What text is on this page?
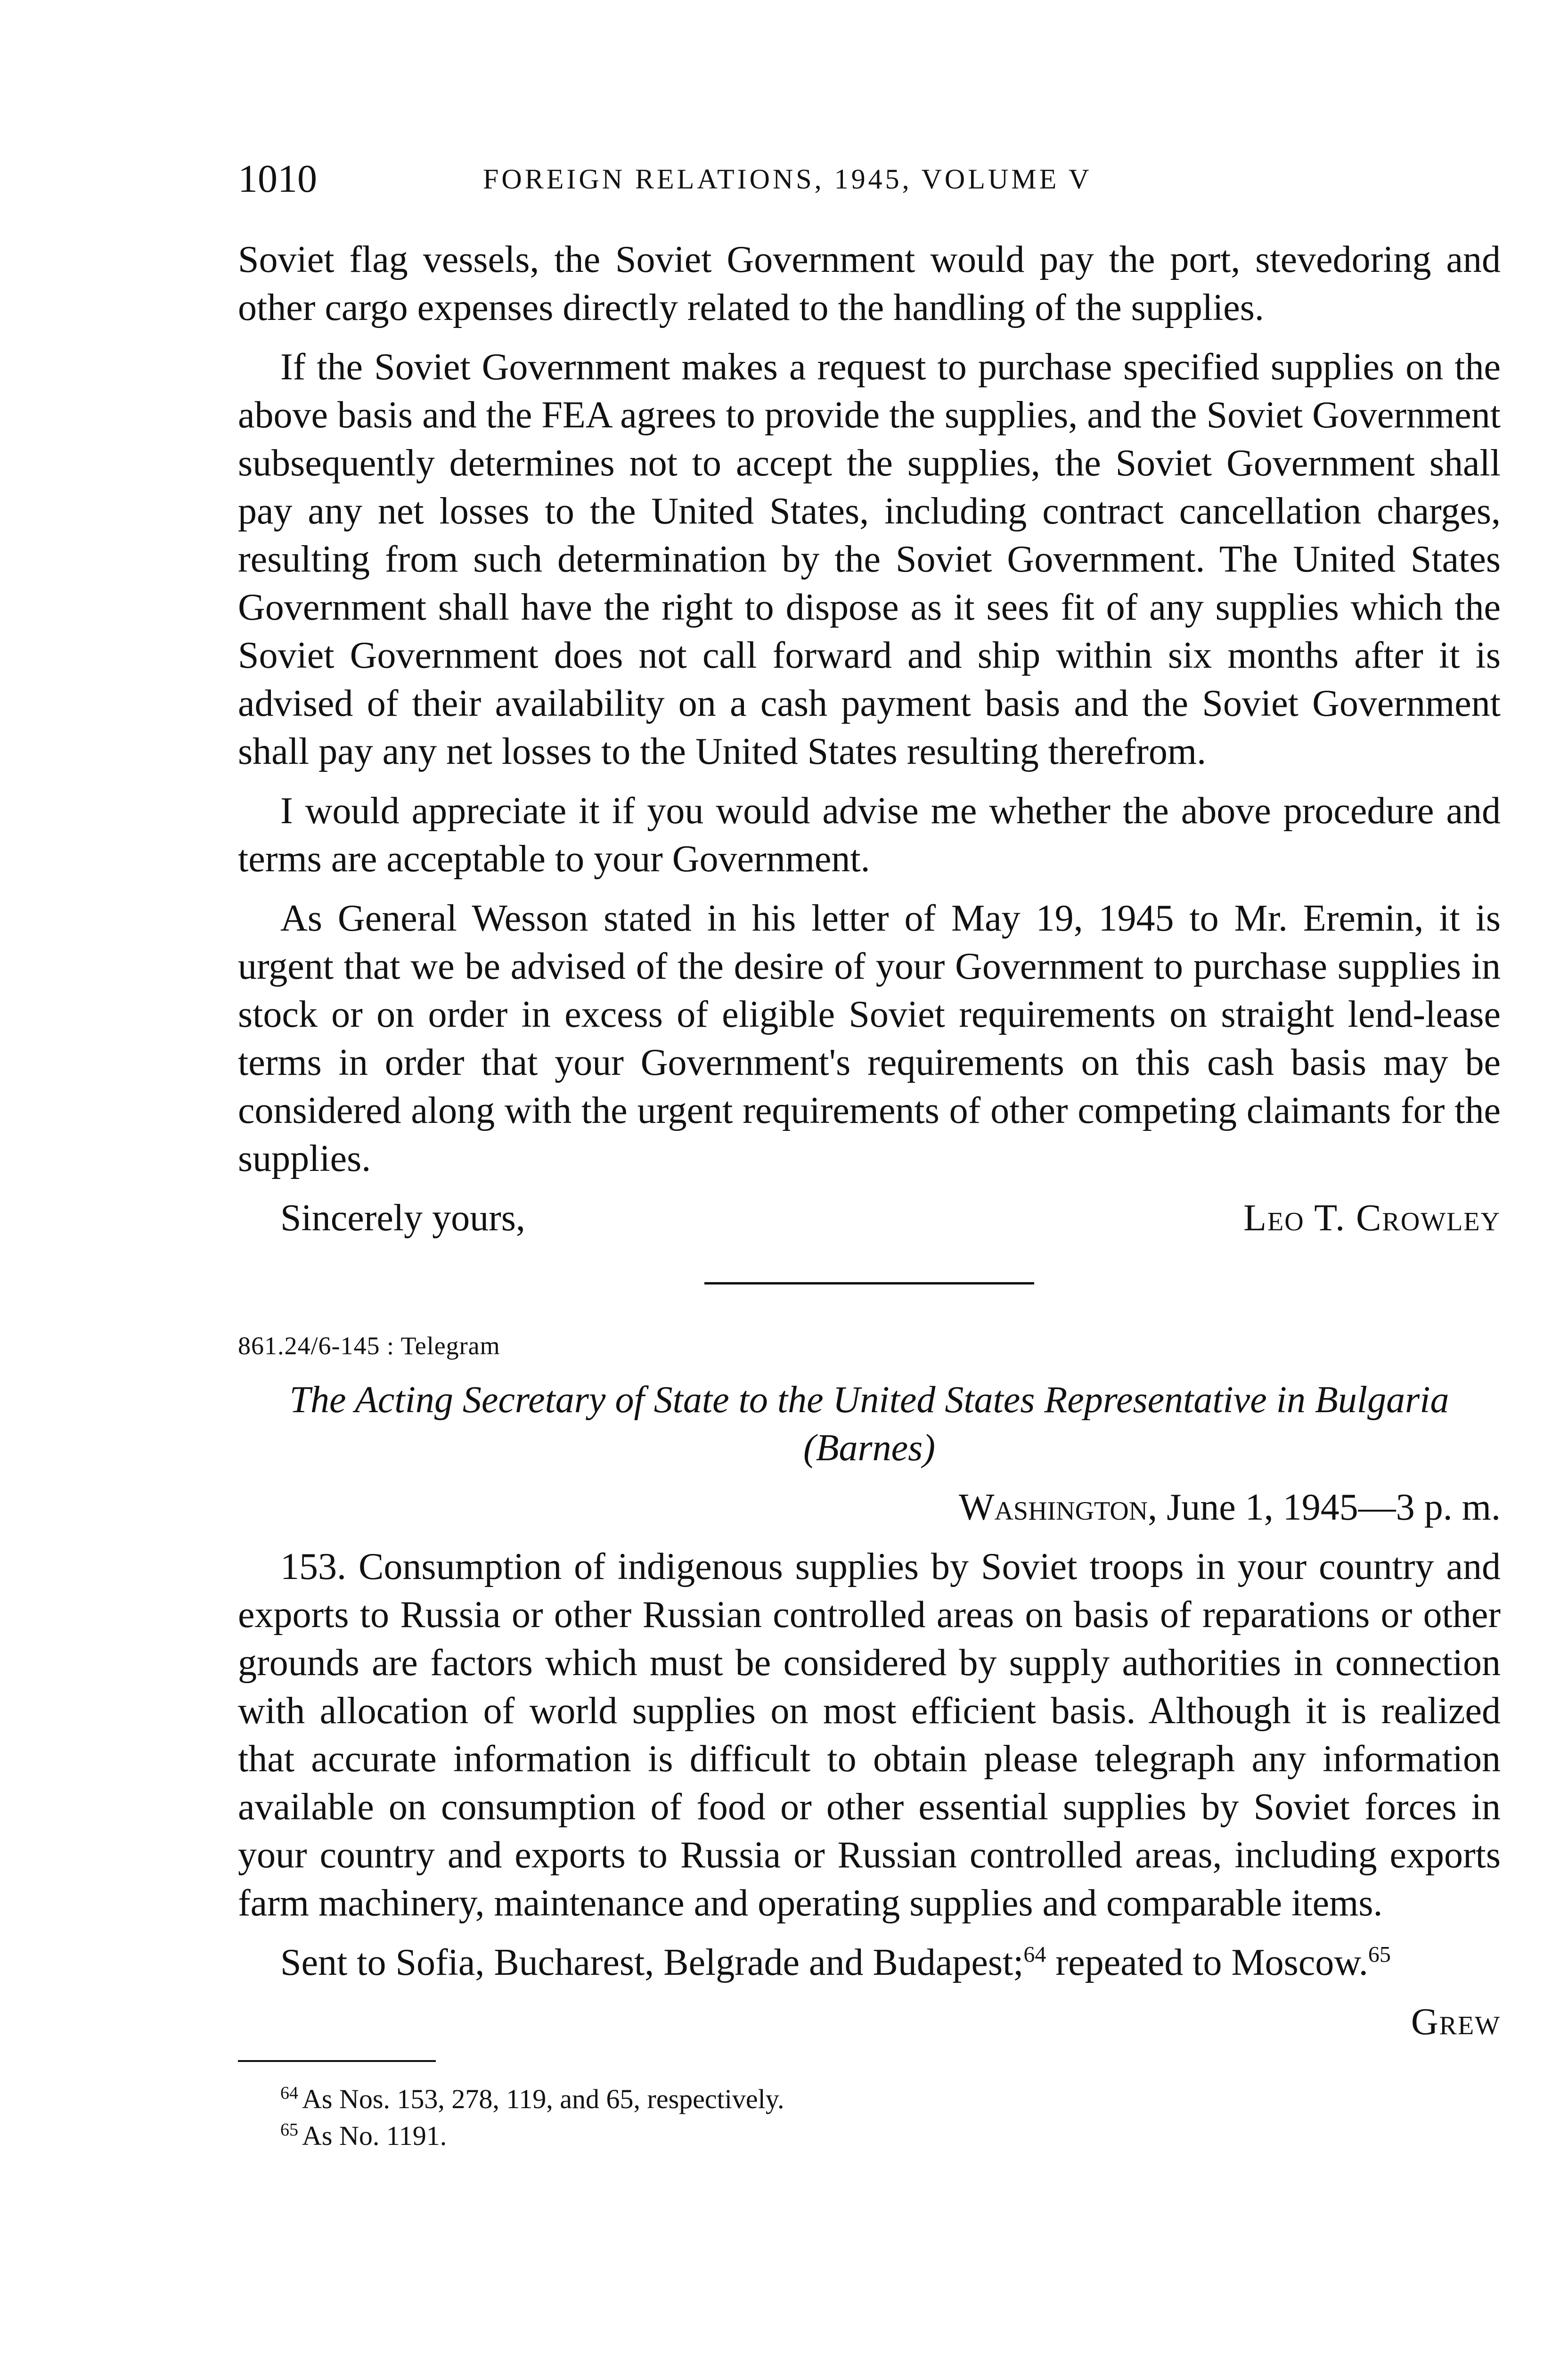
1010	FOREIGN RELATIONS, 1945, VOLUME V

Soviet flag vessels, the Soviet Government would pay the port, stevedoring and other cargo expenses directly related to the handling of the supplies.

If the Soviet Government makes a request to purchase specified supplies on the above basis and the FEA agrees to provide the supplies, and the Soviet Government subsequently determines not to accept the supplies, the Soviet Government shall pay any net losses to the United States, including contract cancellation charges, resulting from such determination by the Soviet Government. The United States Government shall have the right to dispose as it sees fit of any supplies which the Soviet Government does not call forward and ship within six months after it is advised of their availability on a cash payment basis and the Soviet Government shall pay any net losses to the United States resulting therefrom.

I would appreciate it if you would advise me whether the above procedure and terms are acceptable to your Government.

As General Wesson stated in his letter of May 19, 1945 to Mr. Eremin, it is urgent that we be advised of the desire of your Government to purchase supplies in stock or on order in excess of eligible Soviet requirements on straight lend-lease terms in order that your Government's requirements on this cash basis may be considered along with the urgent requirements of other competing claimants for the supplies.

Sincerely yours,	Leo T. Crowley

861.24/6-145 : Telegram

The Acting Secretary of State to the United States Representative in Bulgaria (Barnes)

Washington, June 1, 1945—3 p. m.

153. Consumption of indigenous supplies by Soviet troops in your country and exports to Russia or other Russian controlled areas on basis of reparations or other grounds are factors which must be considered by supply authorities in connection with allocation of world supplies on most efficient basis. Although it is realized that accurate information is difficult to obtain please telegraph any information available on consumption of food or other essential supplies by Soviet forces in your country and exports to Russia or Russian controlled areas, including exports farm machinery, maintenance and operating supplies and comparable items.

Sent to Sofia, Bucharest, Belgrade and Budapest;$^{64}$ repeated to Moscow.$^{65}$

Grew

$^{64}$ As Nos. 153, 278, 119, and 65, respectively.
$^{65}$ As No. 1191.
